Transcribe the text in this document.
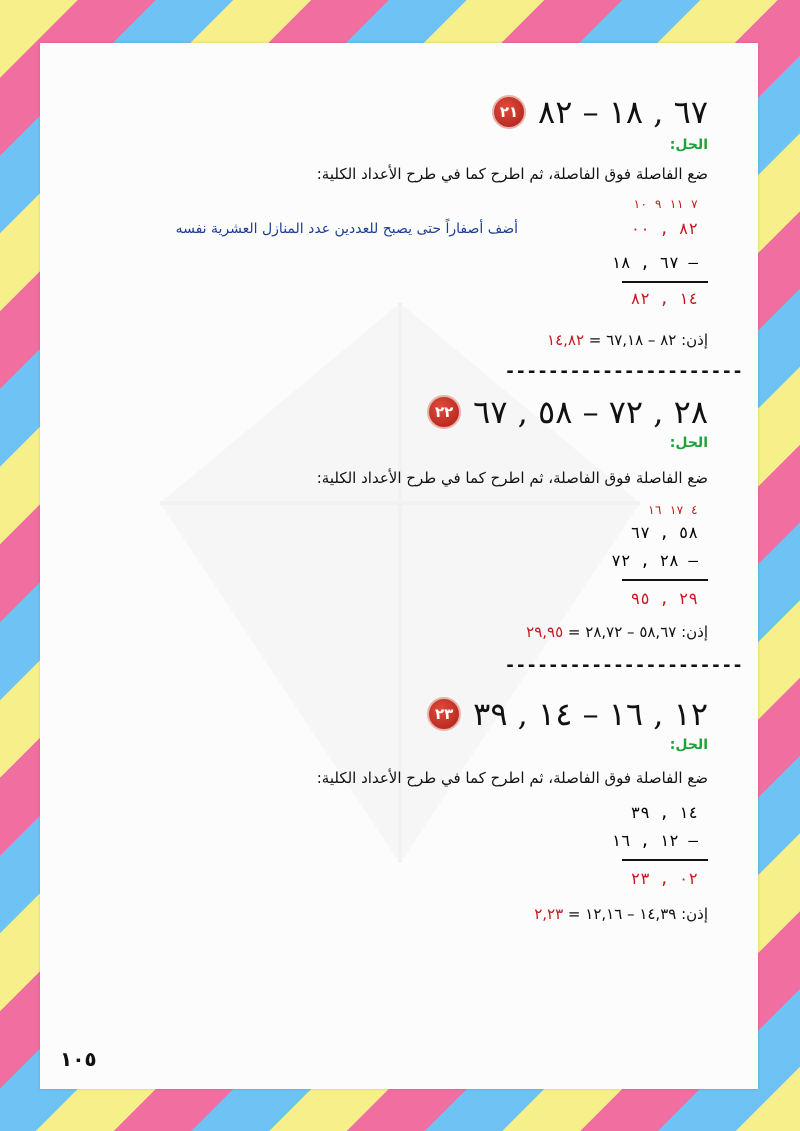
٢١ ٦٧ , ١٨ – ٨٢
الحل:
ضع الفاصلة فوق الفاصلة، ثم اطرح كما في طرح الأعداد الكلية:
أضف أصفاراً حتى يصبح للعددين عدد المنازل العشرية نفسه
٧ ١١ ٩ ١٠
٨٢ , ٠٠
٦٧ , ١٨ –
١٤ , ٨٢
إذن: ٨٢ – ٦٧,١٨ = ١٤,٨٢
----------------------
٢٢ ٢٨ , ٧٢ – ٥٨ , ٦٧
الحل:
ضع الفاصلة فوق الفاصلة، ثم اطرح كما في طرح الأعداد الكلية:
٤ ١٧ ١٦
٥٨ , ٦٧
٢٨ , ٧٢ –
٢٩ , ٩٥
إذن: ٥٨,٦٧ – ٢٨,٧٢ = ٢٩,٩٥
----------------------
٢٣ ١٢ , ١٦ – ١٤ , ٣٩
الحل:
ضع الفاصلة فوق الفاصلة، ثم اطرح كما في طرح الأعداد الكلية:
١٤ , ٣٩
١٢ , ١٦ –
٠٢ , ٢٣
إذن: ١٤,٣٩ – ١٢,١٦ = ٢,٢٣
١٠٥
